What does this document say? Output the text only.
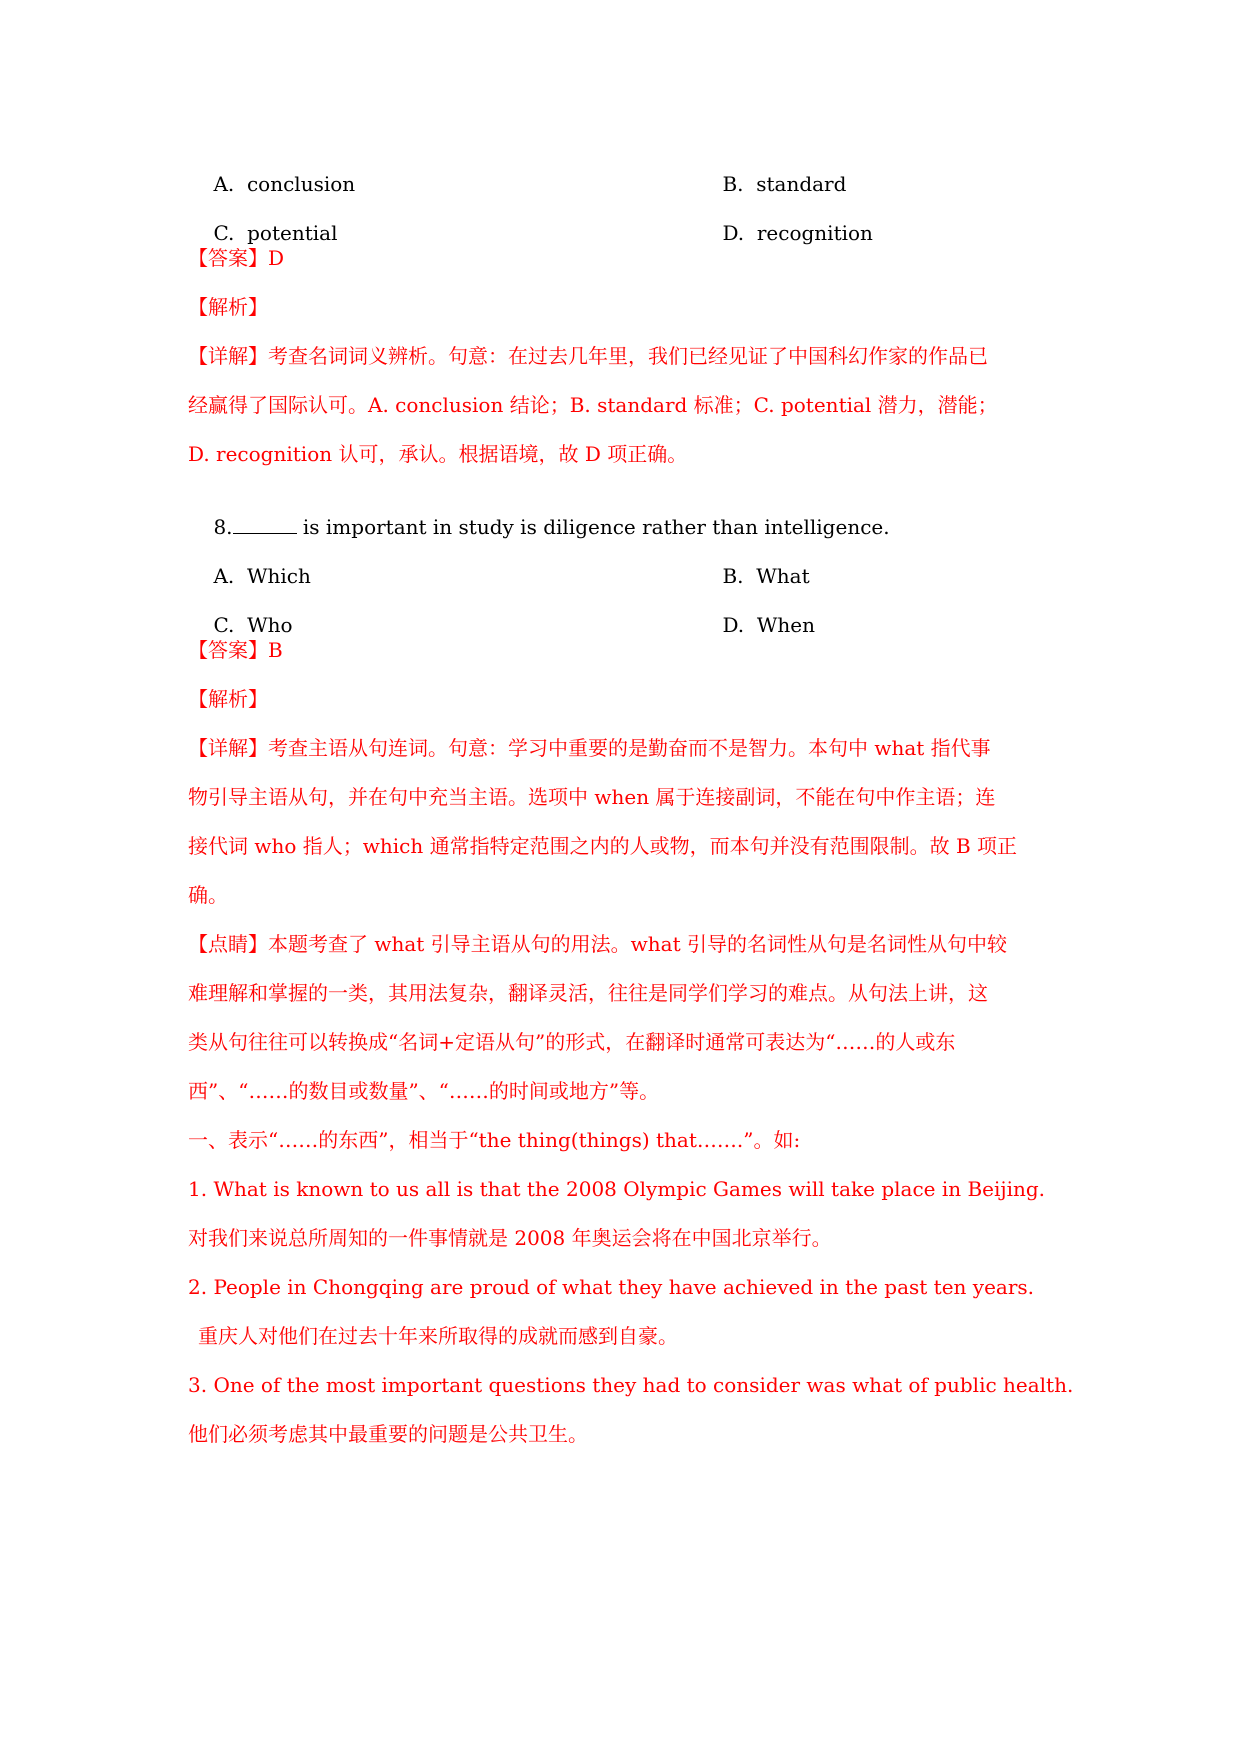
A. conclusion
	B. standard

C. potential
	D. recognition

【答案】D
【解析】
【详解】考查名词词义辨析。句意：在过去几年里，我们已经见证了中国科幻作家的作品已
经赢得了国际认可。A. conclusion 结论；B. standard 标准；C. potential 潜力，潜能；
D. recognition 认可，承认。根据语境，故 D 项正确。

8.	is important in study is diligence rather than intelligence.

A. Which
	B. What

C. Who
	D. When

【答案】B
【解析】
【详解】考查主语从句连词。句意：学习中重要的是勤奋而不是智力。本句中 what 指代事
物引导主语从句，并在句中充当主语。选项中 when 属于连接副词，不能在句中作主语；连
接代词 who 指人；which 通常指特定范围之内的人或物，而本句并没有范围限制。故 B 项正
确。
【点睛】本题考查了 what 引导主语从句的用法。what 引导的名词性从句是名词性从句中较
难理解和掌握的一类，其用法复杂，翻译灵活，往往是同学们学习的难点。从句法上讲，这
类从句往往可以转换成“名词+定语从句”的形式，在翻译时通常可表达为“……的人或东
西”、“……的数目或数量”、“……的时间或地方”等。
一、表示“……的东西”，相当于“the thing(things) that…….”。如:
1. What is known to us all is that the 2008 Olympic Games will take place in Beijing.
对我们来说总所周知的一件事情就是 2008 年奥运会将在中国北京举行。
2. People in Chongqing are proud of what they have achieved in the past ten years.
重庆人对他们在过去十年来所取得的成就而感到自豪。
3. One of the most important questions they had to consider was what of public health.
他们必须考虑其中最重要的问题是公共卫生。
